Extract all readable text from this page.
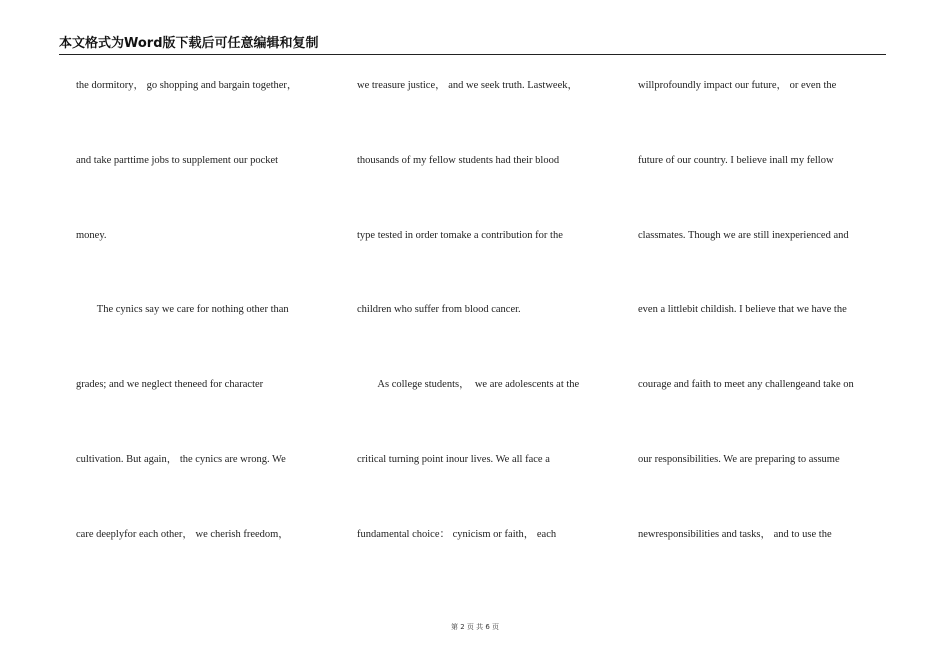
本文格式为Word版下载后可任意编辑和复制
the dormitory， go shopping and bargain together，
and take parttime jobs to supplement our pocket
money.
The cynics say we care for nothing other than
grades; and we neglect theneed for character
cultivation. But again， the cynics are wrong. We
care deeplyfor each other， we cherish freedom，
we treasure justice， and we seek truth. Lastweek，
thousands of my fellow students had their blood
type tested in order tomake a contribution for the
children who suffer from blood cancer.
As college students，  we are adolescents at the
critical turning point inour lives. We all face a
fundamental choice： cynicism or faith， each
willprofoundly impact our future， or even the
future of our country. I believe inall my fellow
classmates. Though we are still inexperienced and
even a littlebit childish. I believe that we have the
courage and faith to meet any challengeand take on
our responsibilities. We are preparing to assume
newresponsibilities and tasks， and to use the
第 2 页 共 6 页
